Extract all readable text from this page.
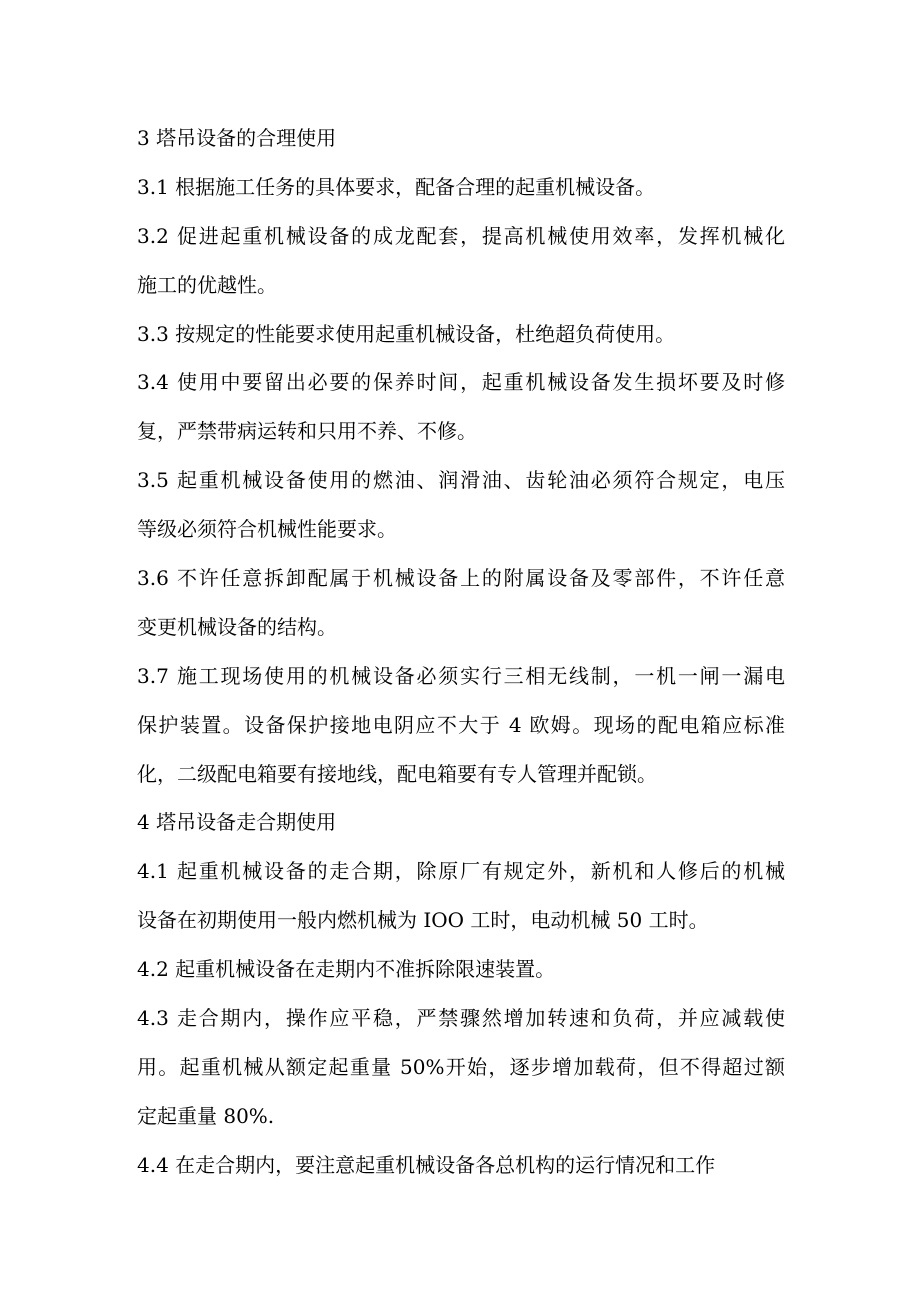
3 塔吊设备的合理使用
3.1 根据施工任务的具体要求，配备合理的起重机械设备。
3.2 促进起重机械设备的成龙配套，提高机械使用效率，发挥机械化
施工的优越性。
3.3 按规定的性能要求使用起重机械设备，杜绝超负荷使用。
3.4 使用中要留出必要的保养时间，起重机械设备发生损坏要及时修
复，严禁带病运转和只用不养、不修。
3.5 起重机械设备使用的燃油、润滑油、齿轮油必须符合规定，电压
等级必须符合机械性能要求。
3.6 不许任意拆卸配属于机械设备上的附属设备及零部件，不许任意
变更机械设备的结构。
3.7 施工现场使用的机械设备必须实行三相无线制，一机一闸一漏电
保护装置。设备保护接地电阴应不大于 4 欧姆。现场的配电箱应标准
化，二级配电箱要有接地线，配电箱要有专人管理并配锁。
4 塔吊设备走合期使用
4.1 起重机械设备的走合期，除原厂有规定外，新机和人修后的机械
设备在初期使用一般内燃机械为 IOO 工时，电动机械 50 工时。
4.2 起重机械设备在走期内不准拆除限速装置。
4.3 走合期内，操作应平稳，严禁骤然增加转速和负荷，并应减载使
用。起重机械从额定起重量 50%开始，逐步增加载荷，但不得超过额
定起重量 80%.
4.4 在走合期内，要注意起重机械设备各总机构的运行情况和工作
